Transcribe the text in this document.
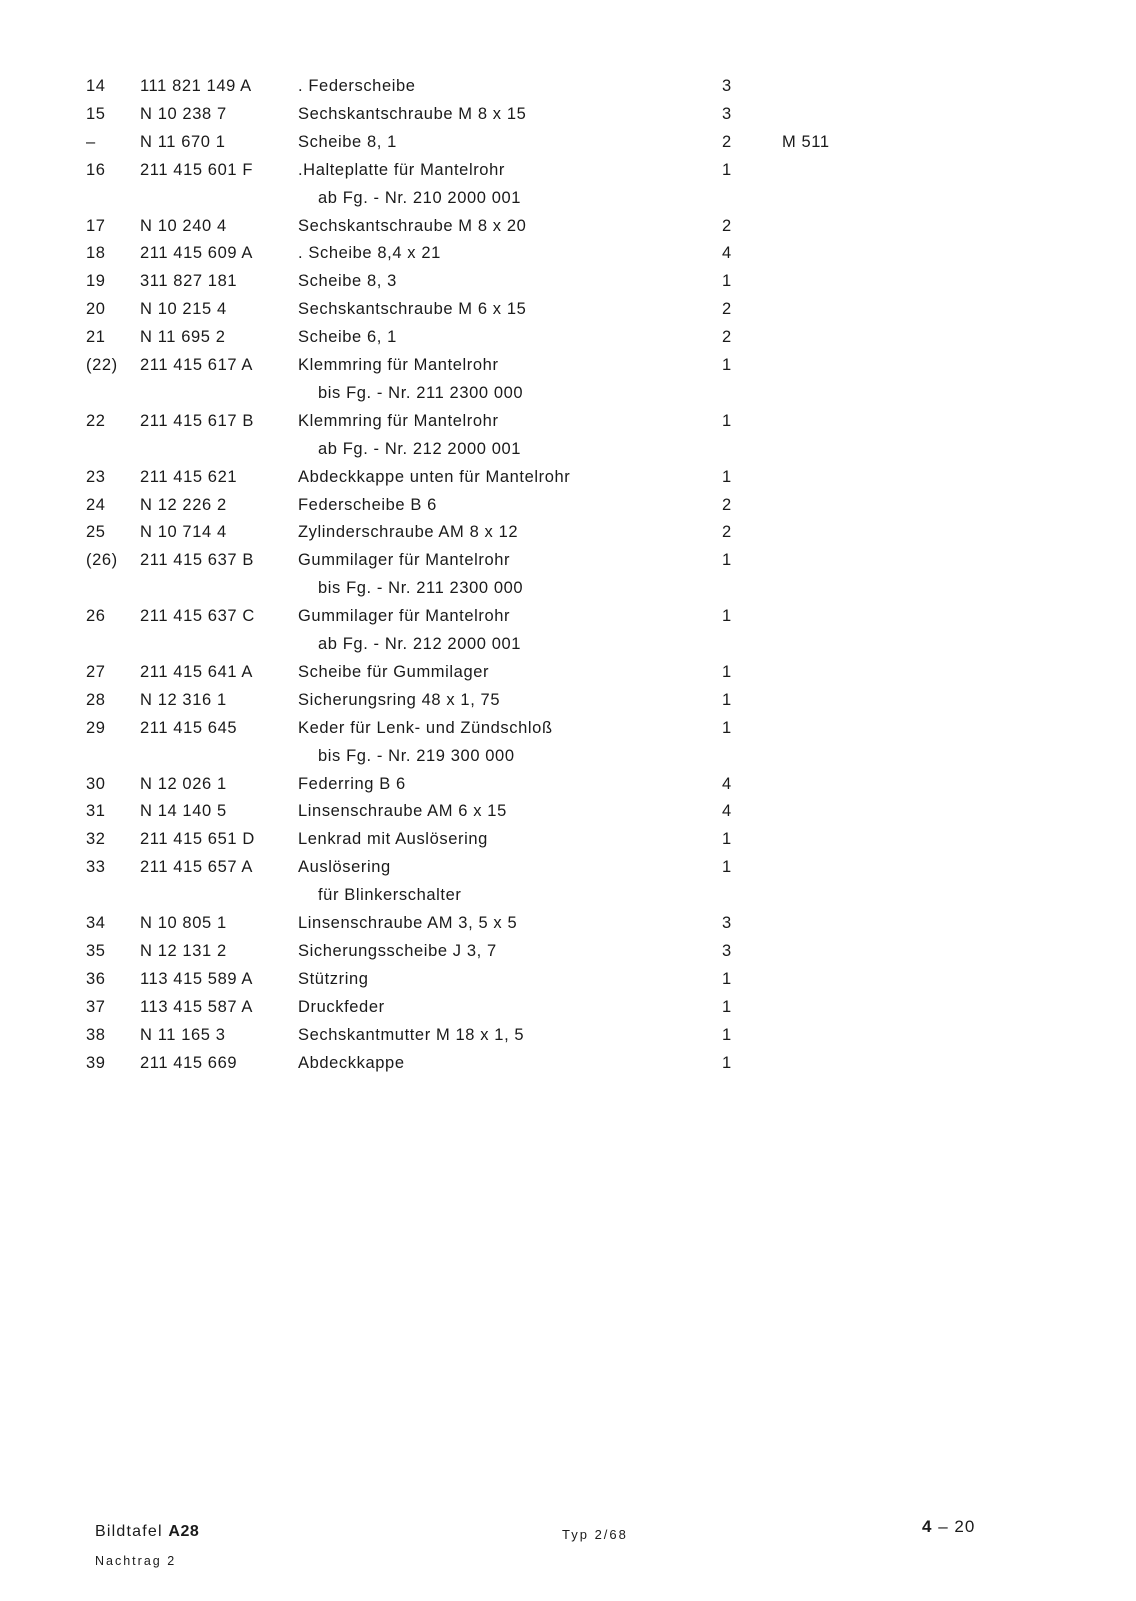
14	111 821 149 A	. Federscheibe	3
15	N 10 238 7	Sechskantschraube M 8 x 15	3
–	N 11 670 1	Scheibe 8, 1	2	M 511
16	211 415 601 F	.Halteplatte für Mantelrohr	1
ab Fg. - Nr. 210 2000 001
17	N 10 240 4	Sechskantschraube M 8 x 20	2
18	211 415 609 A	. Scheibe 8,4 x 21	4
19	311 827 181	Scheibe 8, 3	1
20	N 10 215 4	Sechskantschraube M 6 x 15	2
21	N 11 695 2	Scheibe 6, 1	2
(22)	211 415 617 A	Klemmring für Mantelrohr	1
bis Fg. - Nr. 211 2300 000
22	211 415 617 B	Klemmring für Mantelrohr	1
ab Fg. - Nr. 212 2000 001
23	211 415 621	Abdeckkappe unten für Mantelrohr	1
24	N 12 226 2	Federscheibe B 6	2
25	N 10 714 4	Zylinderschraube AM 8 x 12	2
(26)	211 415 637 B	Gummilager für Mantelrohr	1
bis Fg. - Nr. 211 2300 000
26	211 415 637 C	Gummilager für Mantelrohr	1
ab Fg. - Nr. 212 2000 001
27	211 415 641 A	Scheibe für Gummilager	1
28	N 12 316 1	Sicherungsring 48 x 1, 75	1
29	211 415 645	Keder für Lenk- und Zündschloß	1
bis Fg. - Nr. 219 300 000
30	N 12 026 1	Federring B 6	4
31	N 14 140 5	Linsenschraube AM 6 x 15	4
32	211 415 651 D	Lenkrad mit Auslösering	1
33	211 415 657 A	Auslösering	1
für Blinkerschalter
34	N 10 805 1	Linsenschraube AM 3, 5 x 5	3
35	N 12 131 2	Sicherungsscheibe J 3, 7	3
36	113 415 589 A	Stützring	1
37	113 415 587 A	Druckfeder	1
38	N 11 165 3	Sechskantmutter M 18 x 1, 5	1
39	211 415 669	Abdeckkappe	1
Bildtafel A28	Typ 2/68	4 – 20
Nachtrag 2
